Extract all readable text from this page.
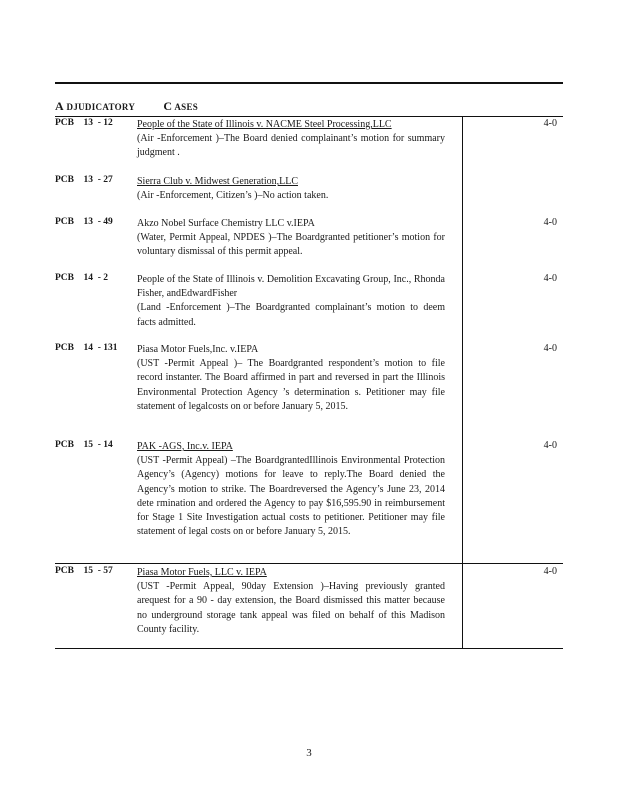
A DJUDICATORY C ASES
PCB    13  - 12 People of the State of Illinois v. NACME Steel Processing,LLC
(Air -Enforcement )–The Board denied complainant’s motion for summary judgment .
4-0
PCB    13  - 27 Sierra Club v. Midwest Generation,LLC
(Air -Enforcement, Citizen’s )–No action taken.
PCB    13  - 49 Akzo Nobel Surface Chemistry LLC v.IEPA
(Water, Permit Appeal, NPDES )–The Boardgranted petitioner’s motion for voluntary dismissal of this permit appeal.
4-0
PCB    14  - 2	People of the State of Illinois v. Demolition Excavating Group, Inc., Rhonda Fisher, andEdwardFisher
(Land -Enforcement )–The Boardgranted complainant’s motion to deem facts admitted.
4-0
PCB    14  - 131 Piasa Motor Fuels,Inc. v.IEPA
(UST -Permit Appeal )– The Boardgranted respondent’s motion to file record instanter. The Board affirmed in part and reversed in part the Illinois Environmental Protection Agency ’s determination s. Petitioner may file statement of legalcosts on or before January 5, 2015.
4-0
PCB    15  - 14 PAK -AGS, Inc.v. IEPA
(UST -Permit Appeal) –The BoardgrantedIllinois Environmental Protection Agency’s (Agency) motions for leave to reply.The Board denied the Agency’s motion to strike. The Boardreversed the Agency’s June 23, 2014 dete rmination and ordered the Agency to pay $16,595.90 in reimbursement for Stage 1 Site Investigation actual costs to petitioner. Petitioner may file statement of legal costs on or before January 5, 2015.
4-0
PCB    15  - 57 Piasa Motor Fuels, LLC v. IEPA
(UST -Permit Appeal, 90day Extension )–Having previously granted arequest for a 90 - day extension, the Board dismissed this matter because no underground storage tank appeal was filed on behalf of this Madison County facility.
4-0
3
